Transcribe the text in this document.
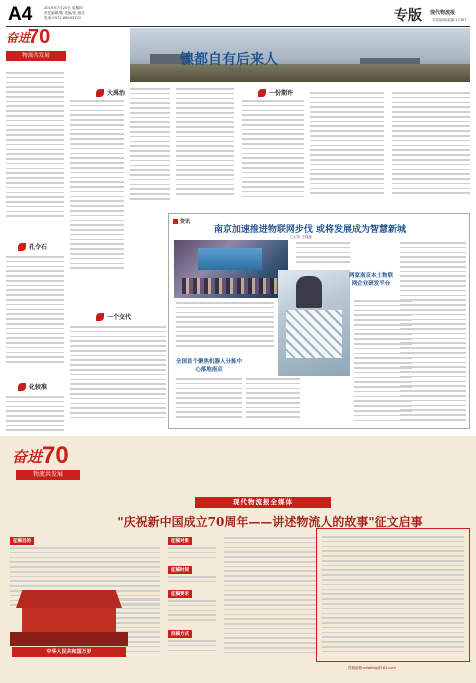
A4	2019年7月25日 星期四
责任编辑/陈 美编/张 版式
电话:0371-69003722	专版 现代物流报
本版编辑/邮编:17467
奋进
70
物流共发展	镍都自有后来人
本报记者 王 ...
孔令石
化较准
大禹治
一个交代
一份期许
资讯
南京加速推进物联网步伐 或将发展成为智慧新城
□记者 王晓瑞
两家南京本土物联网企业研发平台
全国首个聚焦机器人分拣中心落地南京
奋进 70
物流共发展
现代物流报全媒体
"庆祝新中国成立70周年——讲述物流人的故事"征文启事
征稿目的	征稿对象
征稿时间
征稿要求
投稿方式
投稿邮箱:xdwlbtg@163.com
中华人民共和国万岁
